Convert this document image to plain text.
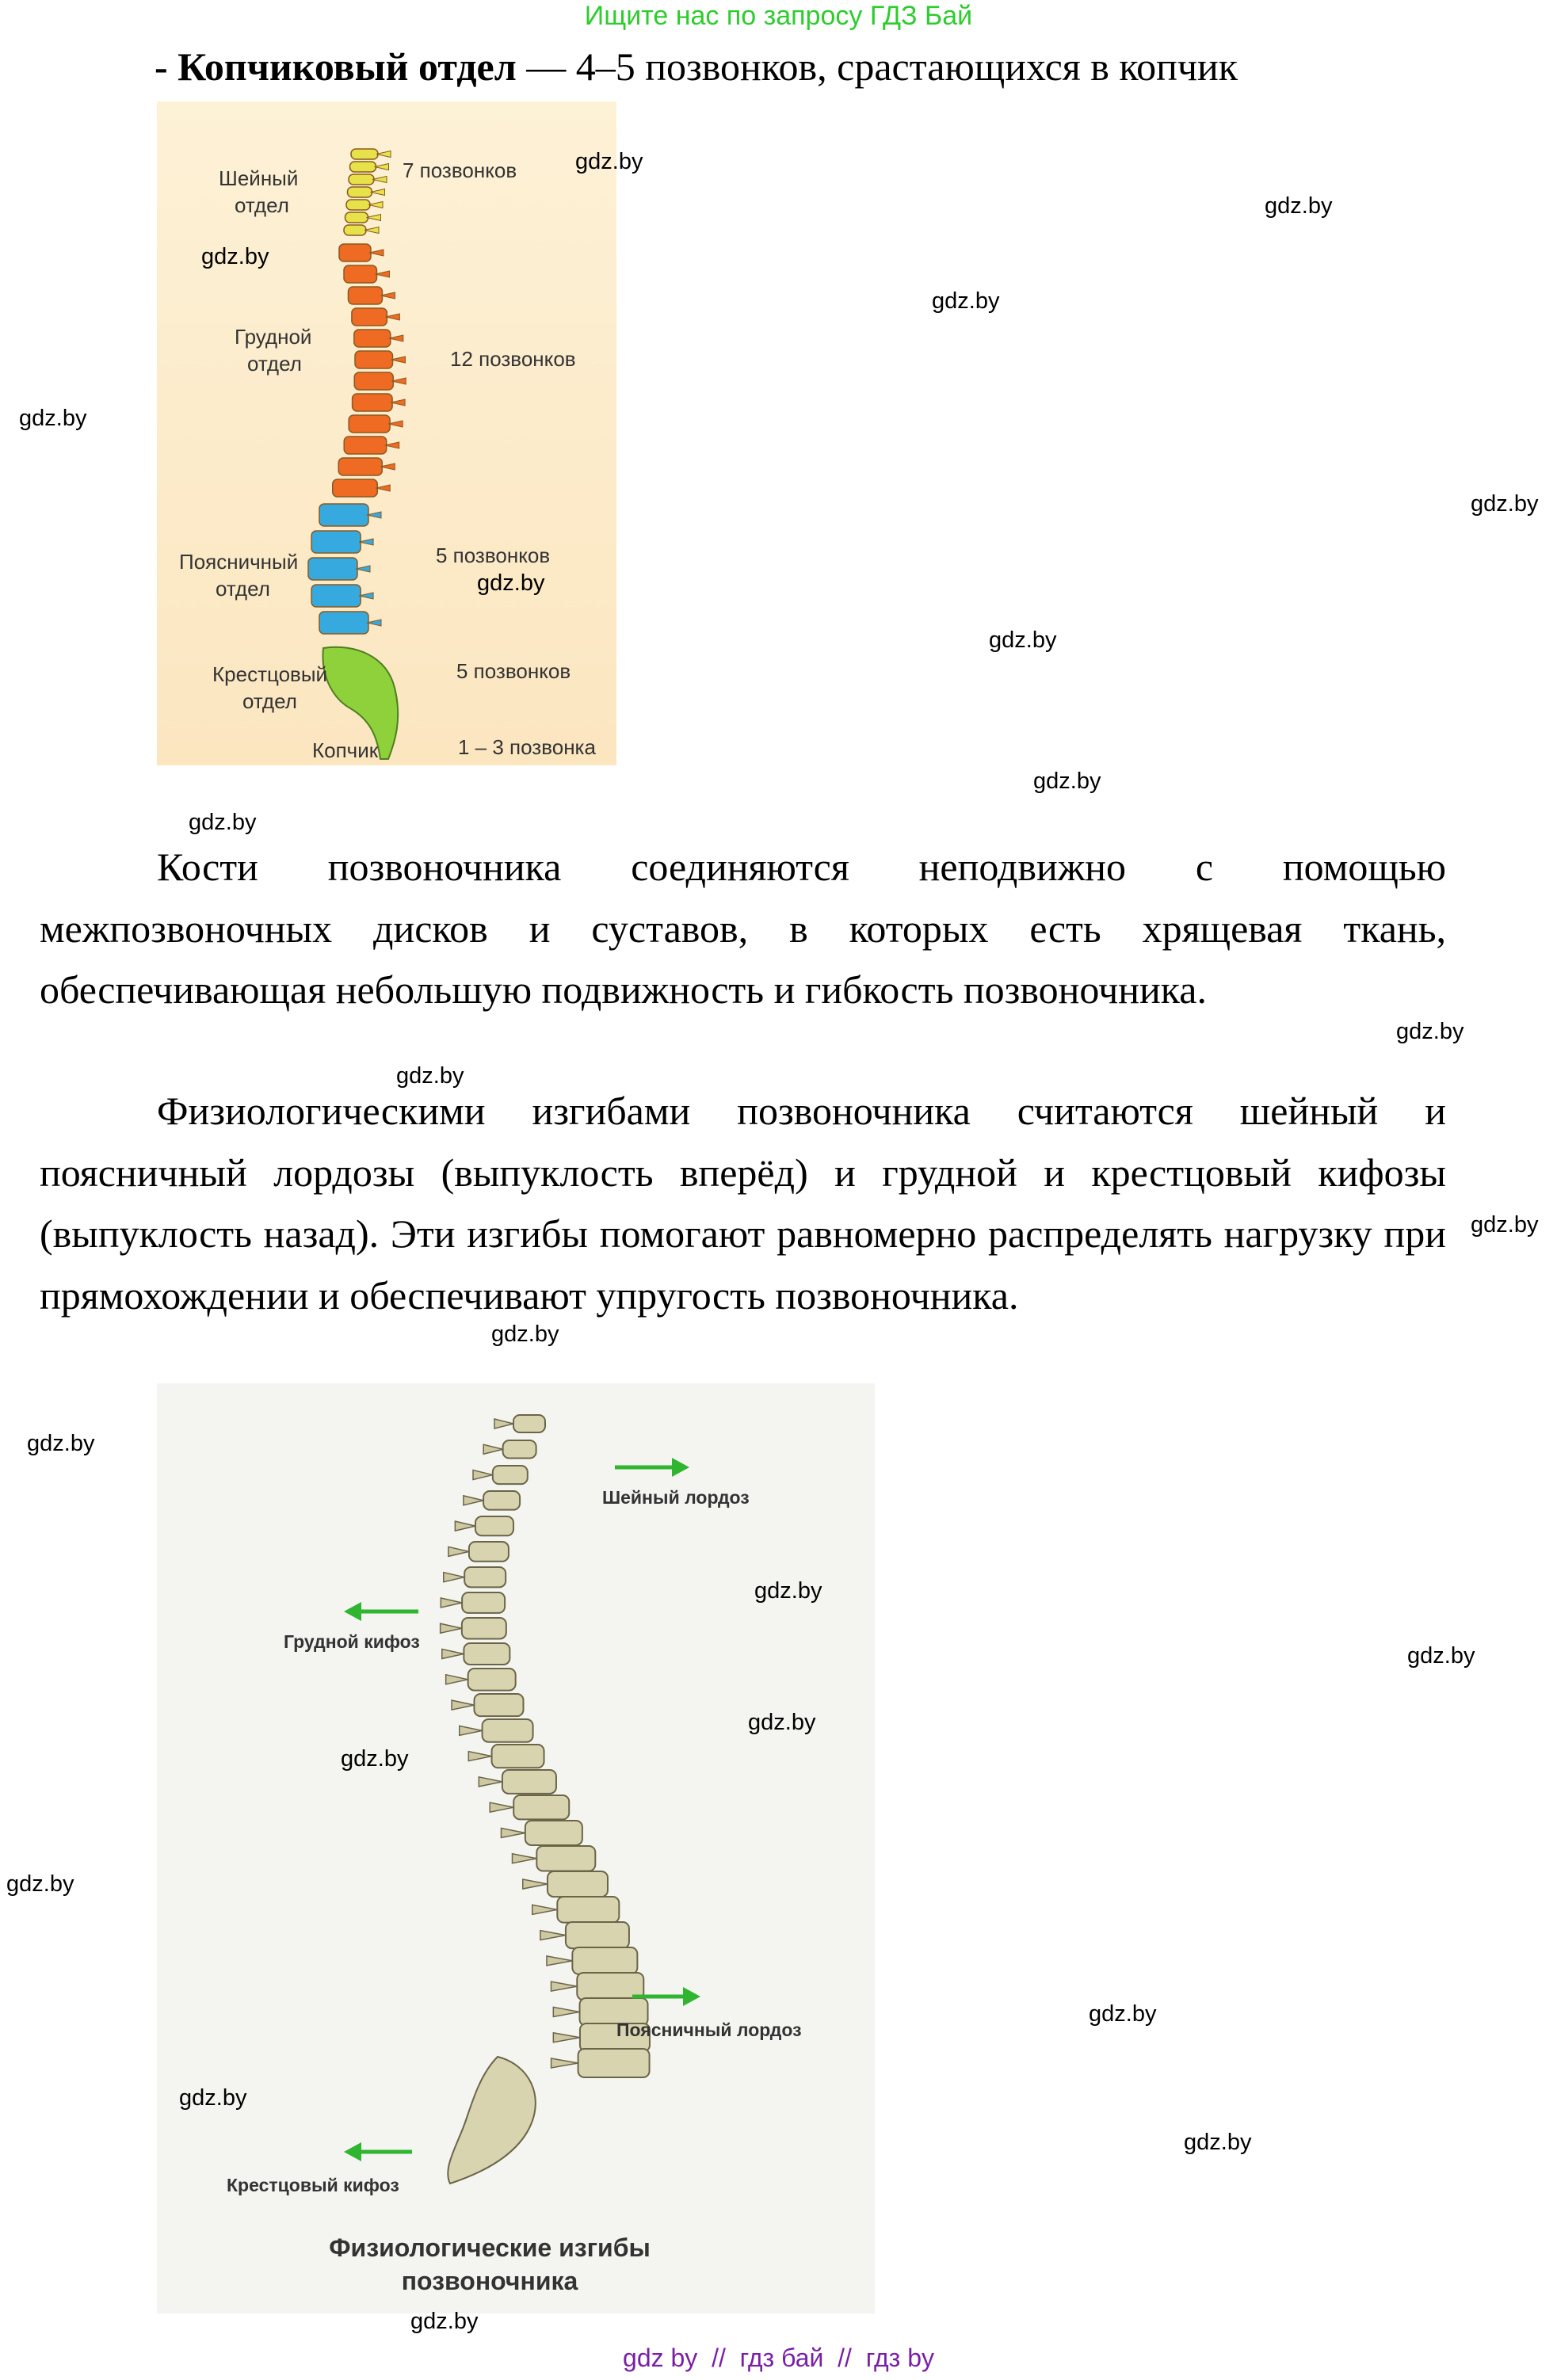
Ищите нас по запросу ГДЗ Бай
- Копчиковый отдел — 4–5 позвонков, срастающихся в копчик
Шейный
отдел
Грудной
отдел
Поясничный
отдел
Крестцовый
отдел
Копчик
7 позвонков
12 позвонков
5 позвонков
5 позвонков
1 – 3 позвонка
Кости позвоночника соединяются неподвижно с помощью межпозвоночных дисков и суставов, в которых есть хрящевая ткань, обеспечивающая небольшую подвижность и гибкость позвоночника.
Физиологическими изгибами позвоночника считаются шейный и поясничный лордозы (выпуклость вперёд) и грудной и крестцовый кифозы (выпуклость назад). Эти изгибы помогают равномерно распределять нагрузку при прямохождении и обеспечивают упругость позвоночника.
Шейный лордоз
Грудной кифоз
Поясничный лордоз
Крестцовый кифоз
Физиологические изгибы
позвоночника
gdz.by
gdz.by
gdz.by
gdz.by
gdz.by
gdz.by
gdz.by
gdz.by
gdz.by
gdz.by
gdz.by
gdz.by
gdz.by
gdz.by
gdz.by
gdz.by
gdz.by
gdz.by
gdz.by
gdz.by
gdz.by
gdz.by
gdz.by
gdz.by
gdz by  //  гдз бай  //  гдз by
